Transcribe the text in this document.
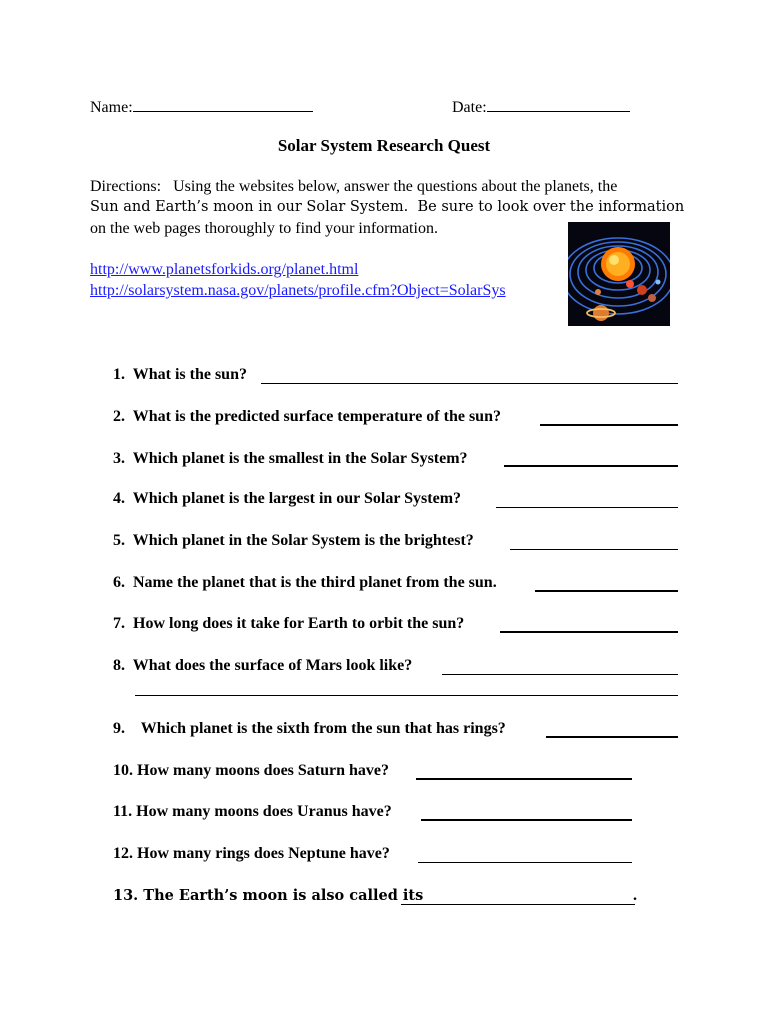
Name:	Date:
Solar System Research Quest
Directions:   Using the websites below, answer the questions about the planets, the
Sun and Earth’s moon in our Solar System.  Be sure to look over the information
on the web pages thoroughly to find your information.
http://www.planetsforkids.org/planet.html
http://solarsystem.nasa.gov/planets/profile.cfm?Object=SolarSys
1. What is the sun?
2. What is the predicted surface temperature of the sun?
3. Which planet is the smallest in the Solar System?
4. Which planet is the largest in our Solar System?
5. Which planet in the Solar System is the brightest?
6. Name the planet that is the third planet from the sun.
7. How long does it take for Earth to orbit the sun?
8. What does the surface of Mars look like?
9. Which planet is the sixth from the sun that has rings?
10. How many moons does Saturn have?
11. How many moons does Uranus have?
12. How many rings does Neptune have?
13. The Earth’s moon is also called its	.
